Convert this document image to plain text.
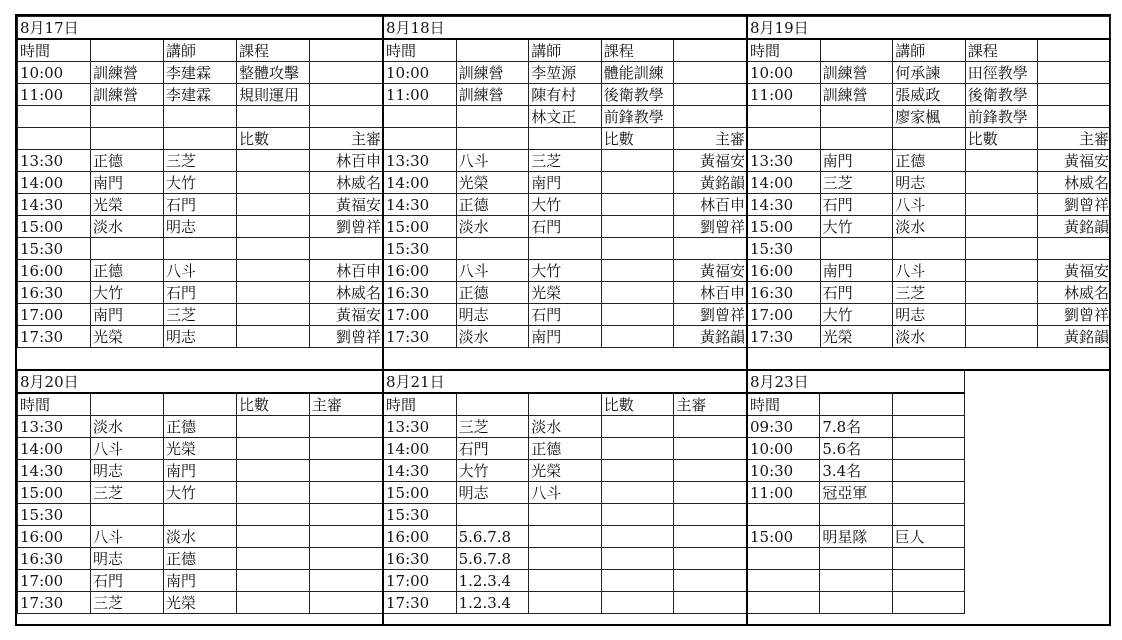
8月17日				
時間		講師	課程	
10:00	訓練營	李建霖	整體攻擊	
11:00	訓練營	李建霖	規則運用	

			比數	主審
13:30	正德	三芝		林百申
14:00	南門	大竹		林威名
14:30	光榮	石門		黃福安
15:00	淡水	明志		劉曾祥
15:30				
16:00	正德	八斗		林百申
16:30	大竹	石門		林威名
17:00	南門	三芝		黃福安
17:30	光榮	明志		劉曾祥
8月18日				
時間		講師	課程	
10:00	訓練營	李堃源	體能訓練	
11:00	訓練營	陳有村	後衛教學	
		林文正	前鋒教學	
			比數	主審
13:30	八斗	三芝		黃福安
14:00	光榮	南門		黃銘韻
14:30	正德	大竹		林百申
15:00	淡水	石門		劉曾祥
15:30				
16:00	八斗	大竹		黃福安
16:30	正德	光榮		林百申
17:00	明志	石門		劉曾祥
17:30	淡水	南門		黃銘韻
8月19日				
時間		講師	課程	
10:00	訓練營	何承諫	田徑教學	
11:00	訓練營	張威政	後衛教學	
		廖家楓	前鋒教學	
			比數	主審
13:30	南門	正德		黃福安
14:00	三芝	明志		林威名
14:30	石門	八斗		劉曾祥
15:00	大竹	淡水		黃銘韻
15:30				
16:00	南門	八斗		黃福安
16:30	石門	三芝		林威名
17:00	大竹	明志		劉曾祥
17:30	光榮	淡水		黃銘韻
8月20日				
時間			比數	主審
13:30	淡水	正德		
14:00	八斗	光榮		
14:30	明志	南門		
15:00	三芝	大竹		
15:30				
16:00	八斗	淡水		
16:30	明志	正德		
17:00	石門	南門		
17:30	三芝	光榮		
8月21日				
時間			比數	主審
13:30	三芝	淡水		
14:00	石門	正德		
14:30	大竹	光榮		
15:00	明志	八斗		
15:30				
16:00	5.6.7.8			
16:30	5.6.7.8			
17:00	1.2.3.4			
17:30	1.2.3.4			
8月23日		
時間		
09:30	7.8名	
10:00	5.6名	
10:30	3.4名	
11:00	冠亞軍	

15:00	明星隊	巨人
